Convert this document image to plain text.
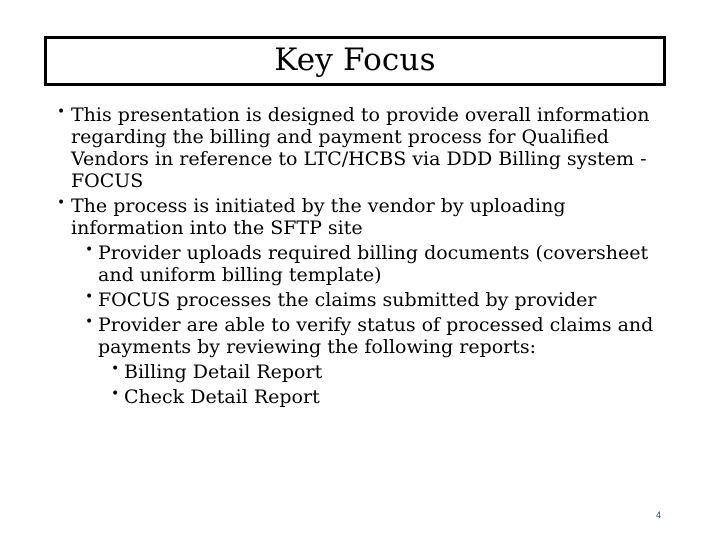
Key Focus
• This presentation is designed to provide overall information regarding the billing and payment process for Qualified Vendors in reference to LTC/HCBS via DDD Billing system - FOCUS
• The process is initiated by the vendor by uploading information into the SFTP site
• Provider uploads required billing documents (coversheet and uniform billing template)
• FOCUS processes the claims submitted by provider
• Provider are able to verify status of processed claims and payments by reviewing the following reports:
• Billing Detail Report
• Check Detail Report
4
